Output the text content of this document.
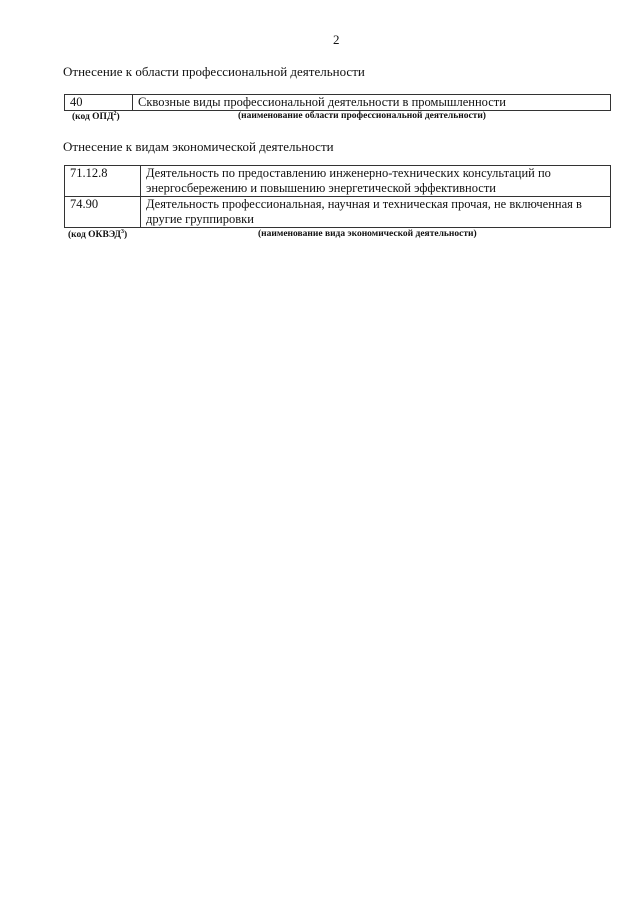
2
Отнесение к области профессиональной деятельности
40	Сквозные виды профессиональной деятельности в промышленности
(код ОПД$^2$)	(наименование области профессиональной деятельности)
Отнесение к видам экономической деятельности
71.12.8	Деятельность по предоставлению инженерно-технических консультаций по энергосбережению и повышению энергетической эффективности
74.90	Деятельность профессиональная, научная и техническая прочая, не включенная в другие группировки
(код ОКВЭД$^3$)	(наименование вида экономической деятельности)
